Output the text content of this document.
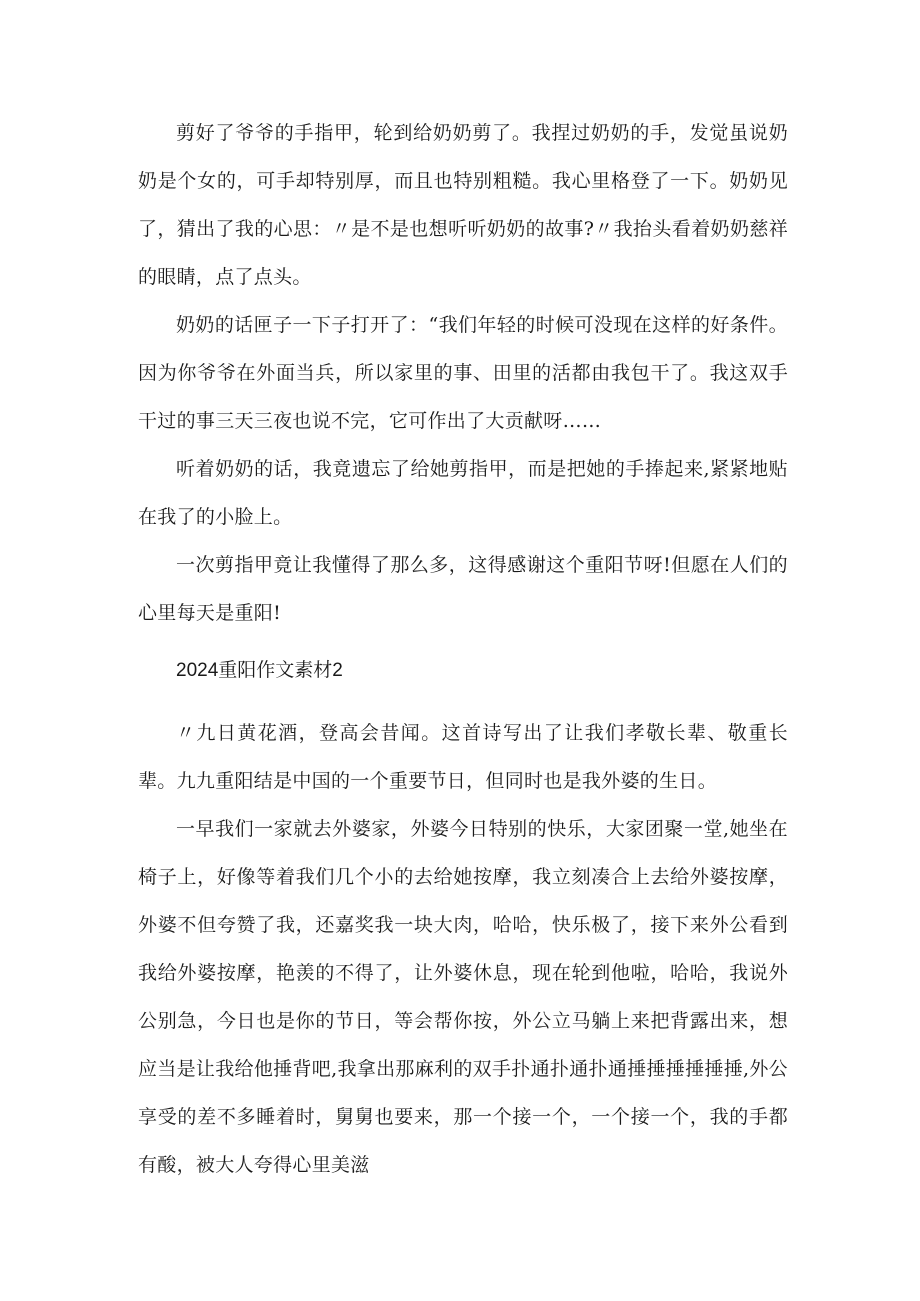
剪好了爷爷的手指甲，轮到给奶奶剪了。我捏过奶奶的手，发觉虽说奶奶是个女的，可手却特别厚，而且也特别粗糙。我心里格登了一下。奶奶见了，猜出了我的心思：〃是不是也想听听奶奶的故事?〃我抬头看着奶奶慈祥的眼睛，点了点头。

奶奶的话匣子一下子打开了：“我们年轻的时候可没现在这样的好条件。因为你爷爷在外面当兵，所以家里的事、田里的活都由我包干了。我这双手干过的事三天三夜也说不完，它可作出了大贡献呀……

听着奶奶的话，我竟遗忘了给她剪指甲，而是把她的手捧起来,紧紧地贴在我了的小脸上。

一次剪指甲竟让我懂得了那么多，这得感谢这个重阳节呀!但愿在人们的心里每天是重阳!

2024重阳作文素材2

〃九日黄花酒，登高会昔闻。这首诗写出了让我们孝敬长辈、敬重长辈。九九重阳结是中国的一个重要节日，但同时也是我外婆的生日。

一早我们一家就去外婆家，外婆今日特别的快乐，大家团聚一堂,她坐在椅子上，好像等着我们几个小的去给她按摩，我立刻凑合上去给外婆按摩，外婆不但夸赞了我，还嘉奖我一块大肉，哈哈，快乐极了，接下来外公看到我给外婆按摩，艳羡的不得了，让外婆休息，现在轮到他啦，哈哈，我说外公别急，今日也是你的节日，等会帮你按，外公立马躺上来把背露出来，想应当是让我给他捶背吧,我拿出那麻利的双手扑通扑通扑通捶捶捶捶捶捶,外公享受的差不多睡着时，舅舅也要来，那一个接一个，一个接一个，我的手都有酸，被大人夸得心里美滋
